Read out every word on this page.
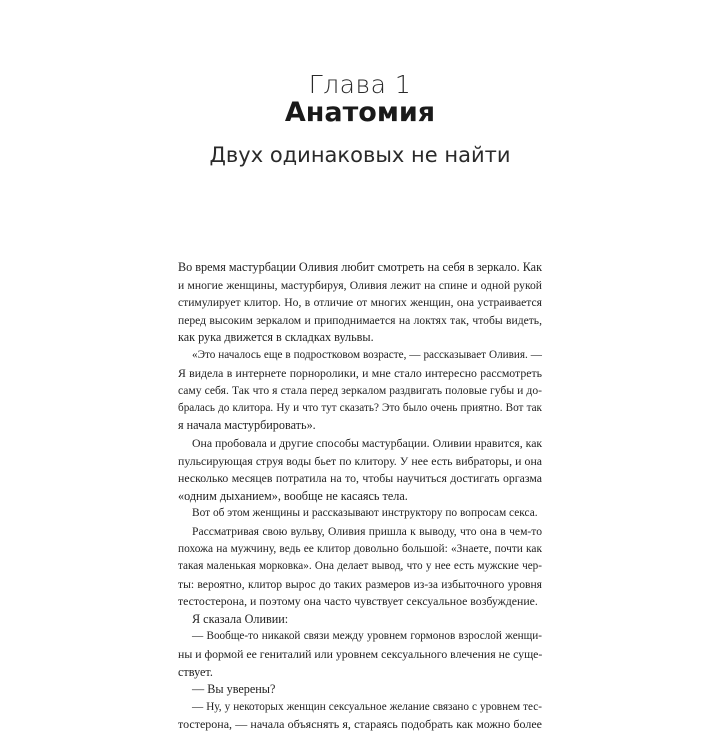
Глава 1
Анатомия
Двух одинаковых не найти
Во время мастурбации Оливия любит смотреть на себя в зеркало. Как
и многие женщины, мастурбируя, Оливия лежит на спине и одной рукой
стимулирует клитор. Но, в отличие от многих женщин, она устраивается
перед высоким зеркалом и приподнимается на локтях так, чтобы видеть,
как рука движется в складках вульвы.
«Это началось еще в подростковом возрасте, — рассказывает Оливия. —
Я видела в интернете порноролики, и мне стало интересно рассмотреть
саму себя. Так что я стала перед зеркалом раздвигать половые губы и до-
бралась до клитора. Ну и что тут сказать? Это было очень приятно. Вот так
я начала мастурбировать».
Она пробовала и другие способы мастурбации. Оливии нравится, как
пульсирующая струя воды бьет по клитору. У нее есть вибраторы, и она
несколько месяцев потратила на то, чтобы научиться достигать оргазма
«одним дыханием», вообще не касаясь тела.
Вот об этом женщины и рассказывают инструктору по вопросам секса.
Рассматривая свою вульву, Оливия пришла к выводу, что она в чем-то
похожа на мужчину, ведь ее клитор довольно большой: «Знаете, почти как
такая маленькая морковка». Она делает вывод, что у нее есть мужские чер-
ты: вероятно, клитор вырос до таких размеров из-за избыточного уровня
тестостерона, и поэтому она часто чувствует сексуальное возбуждение.
Я сказала Оливии:
— Вообще-то никакой связи между уровнем гормонов взрослой женщи-
ны и формой ее гениталий или уровнем сексуального влечения не суще-
ствует.
— Вы уверены?
— Ну, у некоторых женщин сексуальное желание связано с уровнем тес-
тостерона, — начала объяснять я, стараясь подобрать как можно более
